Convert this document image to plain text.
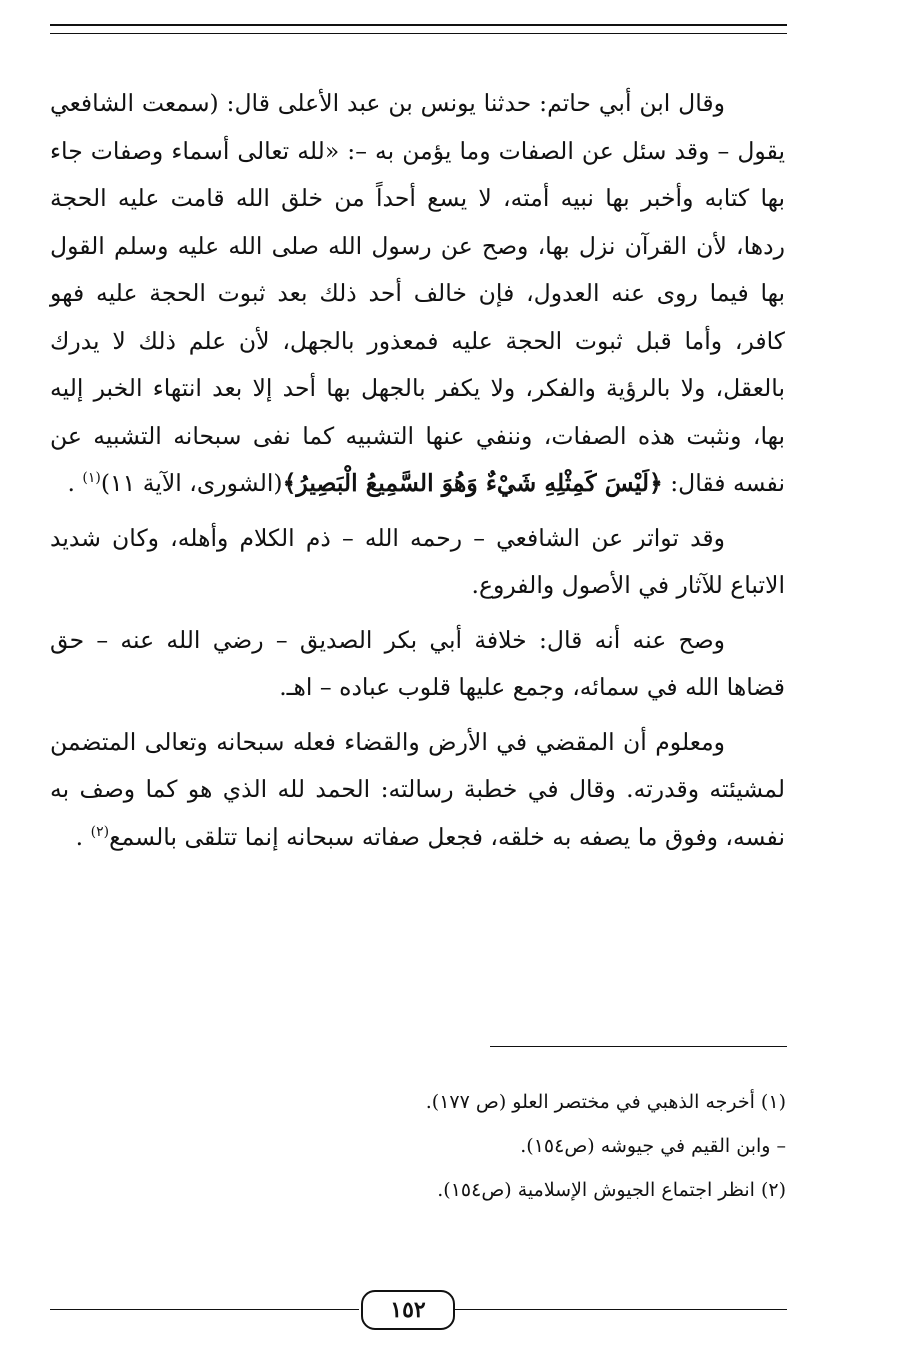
وقال ابن أبي حاتم: حدثنا يونس بن عبد الأعلى قال: (سمعت الشافعي يقول – وقد سئل عن الصفات وما يؤمن به –: «لله تعالى أسماء وصفات جاء بها كتابه وأخبر بها نبيه أمته، لا يسع أحداً من خلق الله قامت عليه الحجة ردها، لأن القرآن نزل بها، وصح عن رسول الله صلى الله عليه وسلم القول بها فيما روى عنه العدول، فإن خالف أحد ذلك بعد ثبوت الحجة عليه فهو كافر، وأما قبل ثبوت الحجة عليه فمعذور بالجهل، لأن علم ذلك لا يدرك بالعقل، ولا بالرؤية والفكر، ولا يكفر بالجهل بها أحد إلا بعد انتهاء الخبر إليه بها، ونثبت هذه الصفات، وننفي عنها التشبيه كما نفى سبحانه التشبيه عن نفسه فقال: ﴿لَيْسَ كَمِثْلِهِ شَيْءٌ وَهُوَ السَّمِيعُ الْبَصِيرُ﴾(الشورى، الآية ١١)$^{(١)}$ .

وقد تواتر عن الشافعي – رحمه الله – ذم الكلام وأهله، وكان شديد الاتباع للآثار في الأصول والفروع.

وصح عنه أنه قال: خلافة أبي بكر الصديق – رضي الله عنه – حق قضاها الله في سمائه، وجمع عليها قلوب عباده – اهـ.

ومعلوم أن المقضي في الأرض والقضاء فعله سبحانه وتعالى المتضمن لمشيئته وقدرته. وقال في خطبة رسالته: الحمد لله الذي هو كما وصف به نفسه، وفوق ما يصفه به خلقه، فجعل صفاته سبحانه إنما تتلقى بالسمع$^{(٢)}$ .

(١) أخرجه الذهبي في مختصر العلو (ص ١٧٧).
– وابن القيم في جيوشه (ص١٥٤).
(٢) انظر اجتماع الجيوش الإسلامية (ص١٥٤).
١٥٢
